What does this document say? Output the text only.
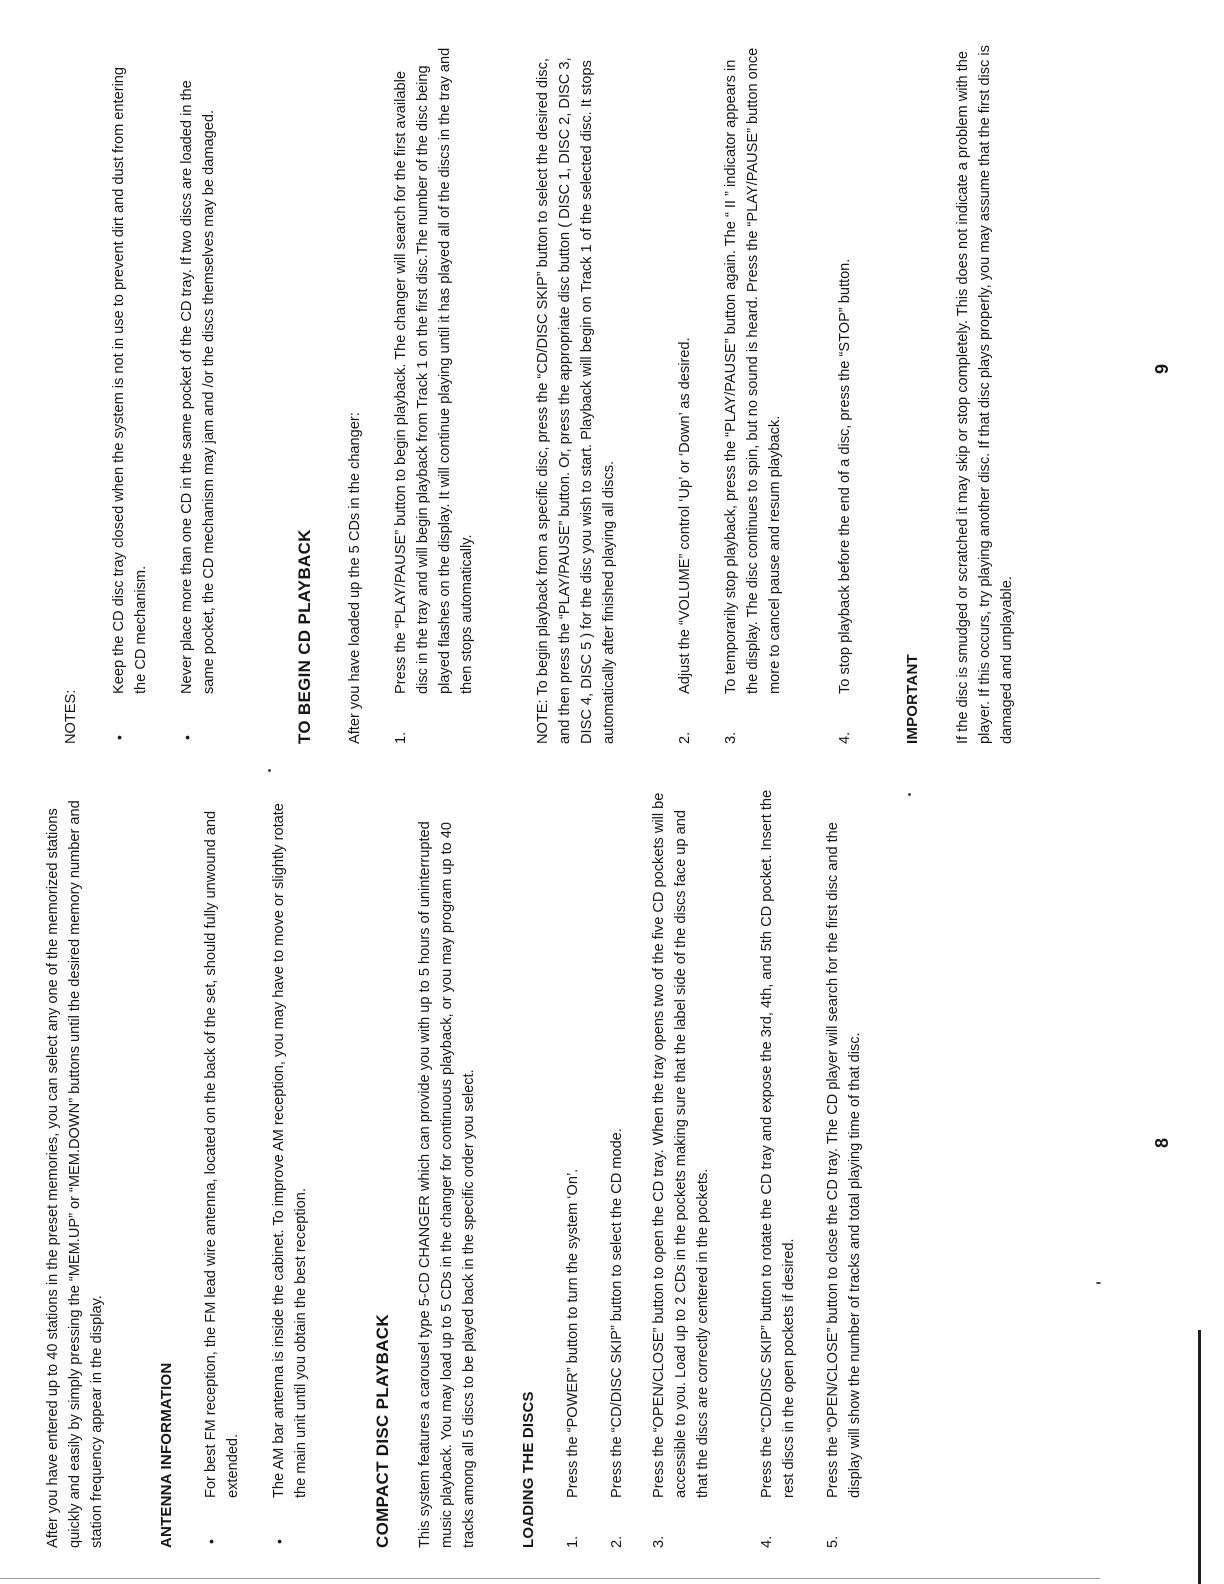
After you have entered up to 40 stations in the preset memories, you can select any one of the memorized stations quickly and easily by simply pressing the “MEM.UP” or “MEM.DOWN” buttons until the desired memory number and station frequency appear in the display.	ANTENNA INFORMATION •
For best FM reception, the FM lead wire antenna, located on the back of the set, should fully unwound and extended.
•
The AM bar antenna is inside the cabinet. To improve AM reception, you may have to move or slightly rotate the main unit until you obtain the best reception.	COMPACT DISC PLAYBACK This system features a carousel type 5-CD CHANGER which can provide you with up to 5 hours of uninterrupted music playback. You may load up to 5 CDs in the changer for continuous playback, or you may program up to 40 tracks among all 5 discs to be played back in the specific order you select.	LOADING THE DISCS 1.
Press the “POWER” button to turn the system ‘On’.
2.
Press the “CD/DISC SKIP” button to select the CD mode.
3.
Press the “OPEN/CLOSE” button to open the CD tray. When the tray opens two of the five CD pockets will be accessible to you. Load up to 2 CDs in the pockets making sure that the label side of the discs face up and that the discs are correctly centered in the pockets.
4.
Press the “CD/DISC SKIP” button to rotate the CD tray and expose the 3rd, 4th, and 5th CD pocket. Insert the rest discs in the open pockets if desired.
5.
Press the “OPEN/CLOSE” button to close the CD tray. The CD player will search for the first disc and the display will show the number of tracks and total playing time of that disc.	8
NOTES: •
Keep the CD disc tray closed when the system is not in use to prevent dirt and dust from entering the CD mechanism.
•
Never place more than one CD in the same pocket of the CD tray. If two discs are loaded in the same pocket, the CD mechanism may jam and /or the discs themselves may be damaged.	TO BEGIN CD PLAYBACK After you have loaded up the 5 CDs in the changer: 1.
Press the “PLAY/PAUSE” button to begin playback. The changer will search for the first available disc in the tray and will begin playback from Track 1 on the first disc.The number of the disc being played flashes on the display. It will continue playing until it has played all of the discs in the tray and then stops automatically.	NOTE: To begin playback from a specific disc, press the “CD/DISC SKIP” button to select the desired disc, and then press the “PLAY/PAUSE” button. Or, press the appropriate disc button ( DISC 1, DISC 2, DISC 3, DISC 4, DISC 5 ) for the disc you wish to start. Playback will begin on Track 1 of the selected disc. It stops automatically after finished playing all discs.	2.
Adjust the “VOLUME” control ‘Up’ or ‘Down’ as desired.
3.
To temporarily stop playback, press the “PLAY/PAUSE” button again. The “ II ” indicator appears in the display. The disc continues to spin, but no sound is heard. Press the “PLAY/PAUSE” button once more to cancel pause and resum playback.
4.
To stop playback before the end of a disc, press the “STOP” button.
IMPORTANT If the disc is smudged or scratched it may skip or stop completely. This does not indicate a problem with the player. If this occurs, try playing another disc. If that disc plays properly, you may assume that the first disc is damaged and unplayable.
9
